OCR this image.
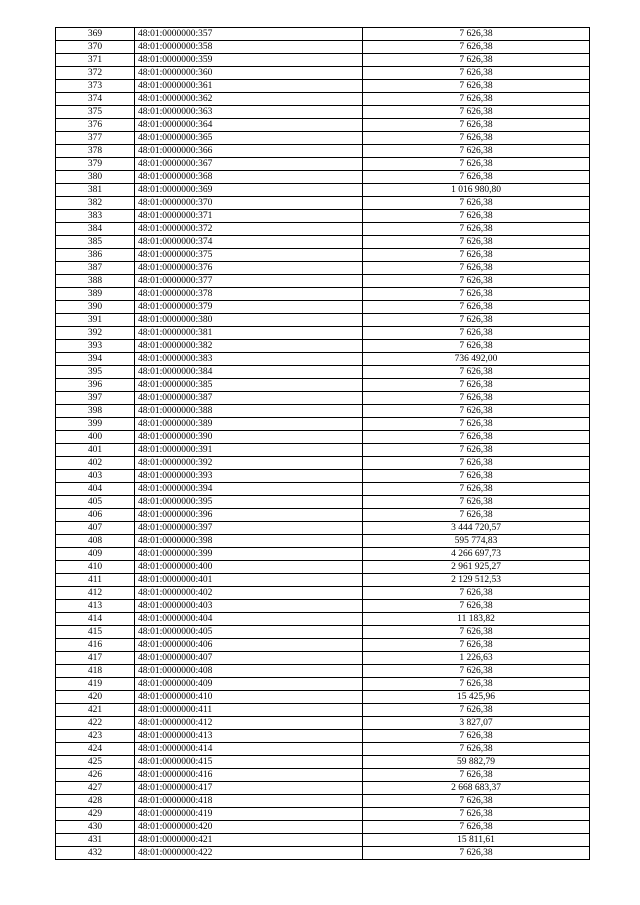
369	48:01:0000000:357	7 626,38
370	48:01:0000000:358	7 626,38
371	48:01:0000000:359	7 626,38
372	48:01:0000000:360	7 626,38
373	48:01:0000000:361	7 626,38
374	48:01:0000000:362	7 626,38
375	48:01:0000000:363	7 626,38
376	48:01:0000000:364	7 626,38
377	48:01:0000000:365	7 626,38
378	48:01:0000000:366	7 626,38
379	48:01:0000000:367	7 626,38
380	48:01:0000000:368	7 626,38
381	48:01:0000000:369	1 016 980,80
382	48:01:0000000:370	7 626,38
383	48:01:0000000:371	7 626,38
384	48:01:0000000:372	7 626,38
385	48:01:0000000:374	7 626,38
386	48:01:0000000:375	7 626,38
387	48:01:0000000:376	7 626,38
388	48:01:0000000:377	7 626,38
389	48:01:0000000:378	7 626,38
390	48:01:0000000:379	7 626,38
391	48:01:0000000:380	7 626,38
392	48:01:0000000:381	7 626,38
393	48:01:0000000:382	7 626,38
394	48:01:0000000:383	736 492,00
395	48:01:0000000:384	7 626,38
396	48:01:0000000:385	7 626,38
397	48:01:0000000:387	7 626,38
398	48:01:0000000:388	7 626,38
399	48:01:0000000:389	7 626,38
400	48:01:0000000:390	7 626,38
401	48:01:0000000:391	7 626,38
402	48:01:0000000:392	7 626,38
403	48:01:0000000:393	7 626,38
404	48:01:0000000:394	7 626,38
405	48:01:0000000:395	7 626,38
406	48:01:0000000:396	7 626,38
407	48:01:0000000:397	3 444 720,57
408	48:01:0000000:398	595 774,83
409	48:01:0000000:399	4 266 697,73
410	48:01:0000000:400	2 961 925,27
411	48:01:0000000:401	2 129 512,53
412	48:01:0000000:402	7 626,38
413	48:01:0000000:403	7 626,38
414	48:01:0000000:404	11 183,82
415	48:01:0000000:405	7 626,38
416	48:01:0000000:406	7 626,38
417	48:01:0000000:407	1 226,63
418	48:01:0000000:408	7 626,38
419	48:01:0000000:409	7 626,38
420	48:01:0000000:410	15 425,96
421	48:01:0000000:411	7 626,38
422	48:01:0000000:412	3 827,07
423	48:01:0000000:413	7 626,38
424	48:01:0000000:414	7 626,38
425	48:01:0000000:415	59 882,79
426	48:01:0000000:416	7 626,38
427	48:01:0000000:417	2 668 683,37
428	48:01:0000000:418	7 626,38
429	48:01:0000000:419	7 626,38
430	48:01:0000000:420	7 626,38
431	48:01:0000000:421	15 811,61
432	48:01:0000000:422	7 626,38
